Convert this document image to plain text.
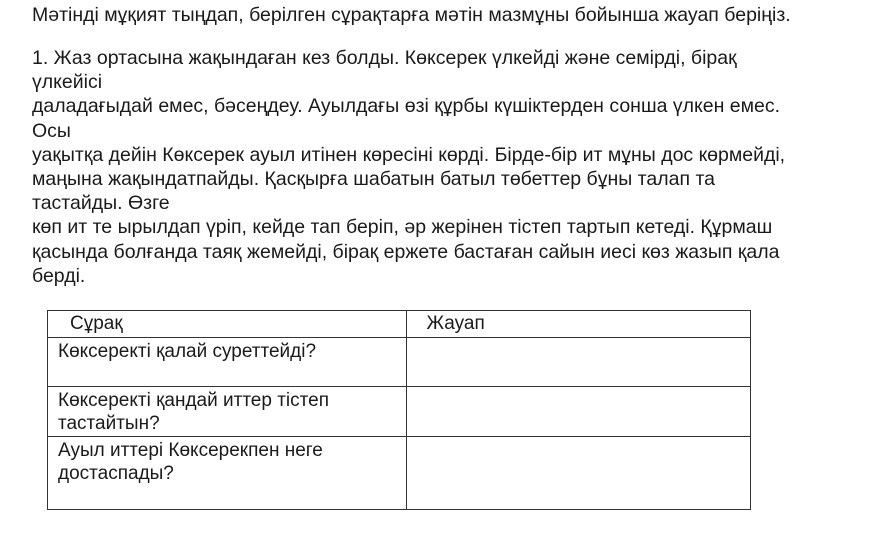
Мәтінді мұқият тыңдап, берілген сұрақтарға мәтін мазмұны бойынша жауап беріңіз.

1. Жаз ортасына жақындаған кез болды. Көксерек үлкейді және семірді, бірақ
үлкейісі
даладағыдай емес, бәсеңдеу. Ауылдағы өзі құрбы күшіктерден сонша үлкен емес.
Осы
уақытқа дейін Көксерек ауыл итінен көресіні көрді. Бірде-бір ит мұны дос көрмейді,
маңына жақындатпайды. Қасқырға шабатын батыл төбеттер бұны талап та
тастайды. Өзге
көп ит те ырылдап үріп, кейде тап беріп, әр жерінен тістеп тартып кетеді. Құрмаш
қасында болғанда таяқ жемейді, бірақ ержете бастаған сайын иесі көз жазып қала
берді.
Сұрақ	Жауап
Көксеректі қалай суреттейді?	
Көксеректі қандай иттер тістеп тастайтын?	
Ауыл иттері Көксерекпен неге достаспады?	
